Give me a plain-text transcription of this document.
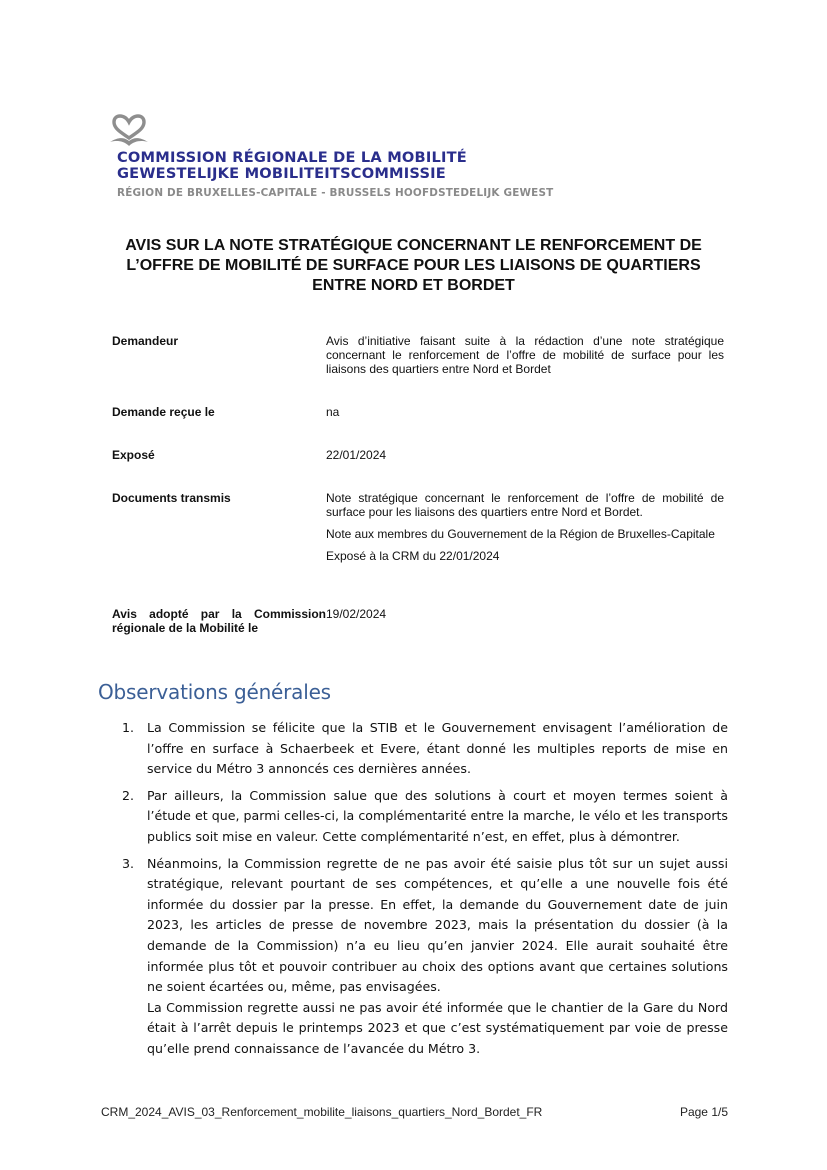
COMMISSION RÉGIONALE DE LA MOBILITÉ
GEWESTELIJKE MOBILITEITSCOMMISSIE
RÉGION DE BRUXELLES-CAPITALE - BRUSSELS HOOFDSTEDELIJK GEWEST
AVIS SUR LA NOTE STRATÉGIQUE CONCERNANT LE RENFORCEMENT DE
L’OFFRE DE MOBILITÉ DE SURFACE POUR LES LIAISONS DE QUARTIERS
ENTRE NORD ET BORDET
Demandeur	Avis d’initiative faisant suite à la rédaction d’une note stratégique concernant le renforcement de l’offre de mobilité de surface pour les liaisons des quartiers entre Nord et Bordet
Demande reçue le	na
Exposé	22/01/2024
Documents transmis	Note stratégique concernant le renforcement de l’offre de mobilité de surface pour les liaisons des quartiers entre Nord et Bordet.

Note aux membres du Gouvernement de la Région de Bruxelles-Capitale

Exposé à la CRM du 22/01/2024

Avis adopté par la Commission régionale de la Mobilité le
19/02/2024
Observations générales
1.	La Commission se félicite que la STIB et le Gouvernement envisagent l’amélioration de l’offre en surface à Schaerbeek et Evere, étant donné les multiples reports de mise en service du Métro 3 annoncés ces dernières années.
2.	Par ailleurs, la Commission salue que des solutions à court et moyen termes soient à l’étude et que, parmi celles-ci, la complémentarité entre la marche, le vélo et les transports publics soit mise en valeur. Cette complémentarité n’est, en effet, plus à démontrer.
3.	Néanmoins, la Commission regrette de ne pas avoir été saisie plus tôt sur un sujet aussi stratégique, relevant pourtant de ses compétences, et qu’elle a une nouvelle fois été informée du dossier par la presse. En effet, la demande du Gouvernement date de juin 2023, les articles de presse de novembre 2023, mais la présentation du dossier (à la demande de la Commission) n’a eu lieu qu’en janvier 2024. Elle aurait souhaité être informée plus tôt et pouvoir contribuer au choix des options avant que certaines solutions ne soient écartées ou, même, pas envisagées.

La Commission regrette aussi ne pas avoir été informée que le chantier de la Gare du Nord était à l’arrêt depuis le printemps 2023 et que c’est systématiquement par voie de presse qu’elle prend connaissance de l’avancée du Métro 3.

CRM_2024_AVIS_03_Renforcement_mobilite_liaisons_quartiers_Nord_Bordet_FR	Page 1/5
